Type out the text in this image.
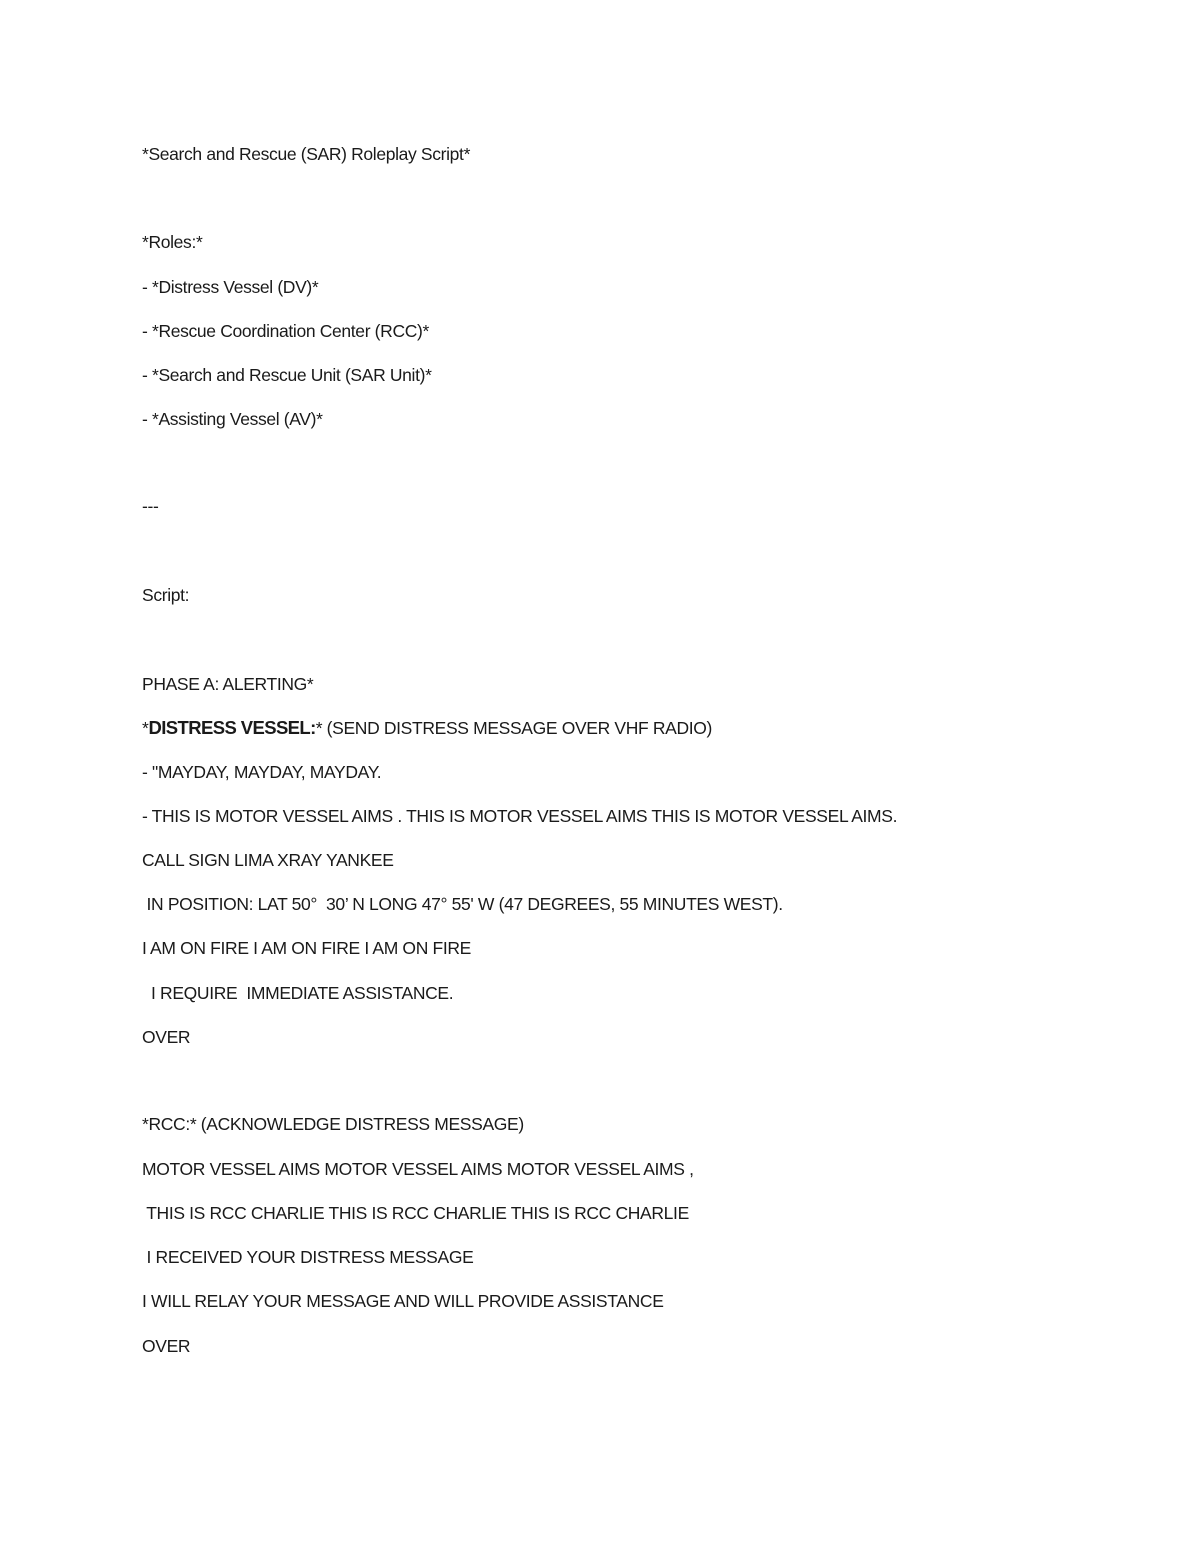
*Search and Rescue (SAR) Roleplay Script*
*Roles:*
- *Distress Vessel (DV)*
- *Rescue Coordination Center (RCC)*
- *Search and Rescue Unit (SAR Unit)*
- *Assisting Vessel (AV)*
---
Script:
PHASE A: ALERTING*
*DISTRESS VESSEL:* (SEND DISTRESS MESSAGE OVER VHF RADIO)
- "MAYDAY, MAYDAY, MAYDAY.
- THIS IS MOTOR VESSEL AIMS . THIS IS MOTOR VESSEL AIMS THIS IS MOTOR VESSEL AIMS.
CALL SIGN LIMA XRAY YANKEE
IN POSITION: LAT 50°  30’ N LONG 47° 55' W (47 DEGREES, 55 MINUTES WEST).
I AM ON FIRE I AM ON FIRE I AM ON FIRE
I REQUIRE  IMMEDIATE ASSISTANCE.
OVER
*RCC:* (ACKNOWLEDGE DISTRESS MESSAGE)
MOTOR VESSEL AIMS MOTOR VESSEL AIMS MOTOR VESSEL AIMS ,
THIS IS RCC CHARLIE THIS IS RCC CHARLIE THIS IS RCC CHARLIE
I RECEIVED YOUR DISTRESS MESSAGE
I WILL RELAY YOUR MESSAGE AND WILL PROVIDE ASSISTANCE
OVER
